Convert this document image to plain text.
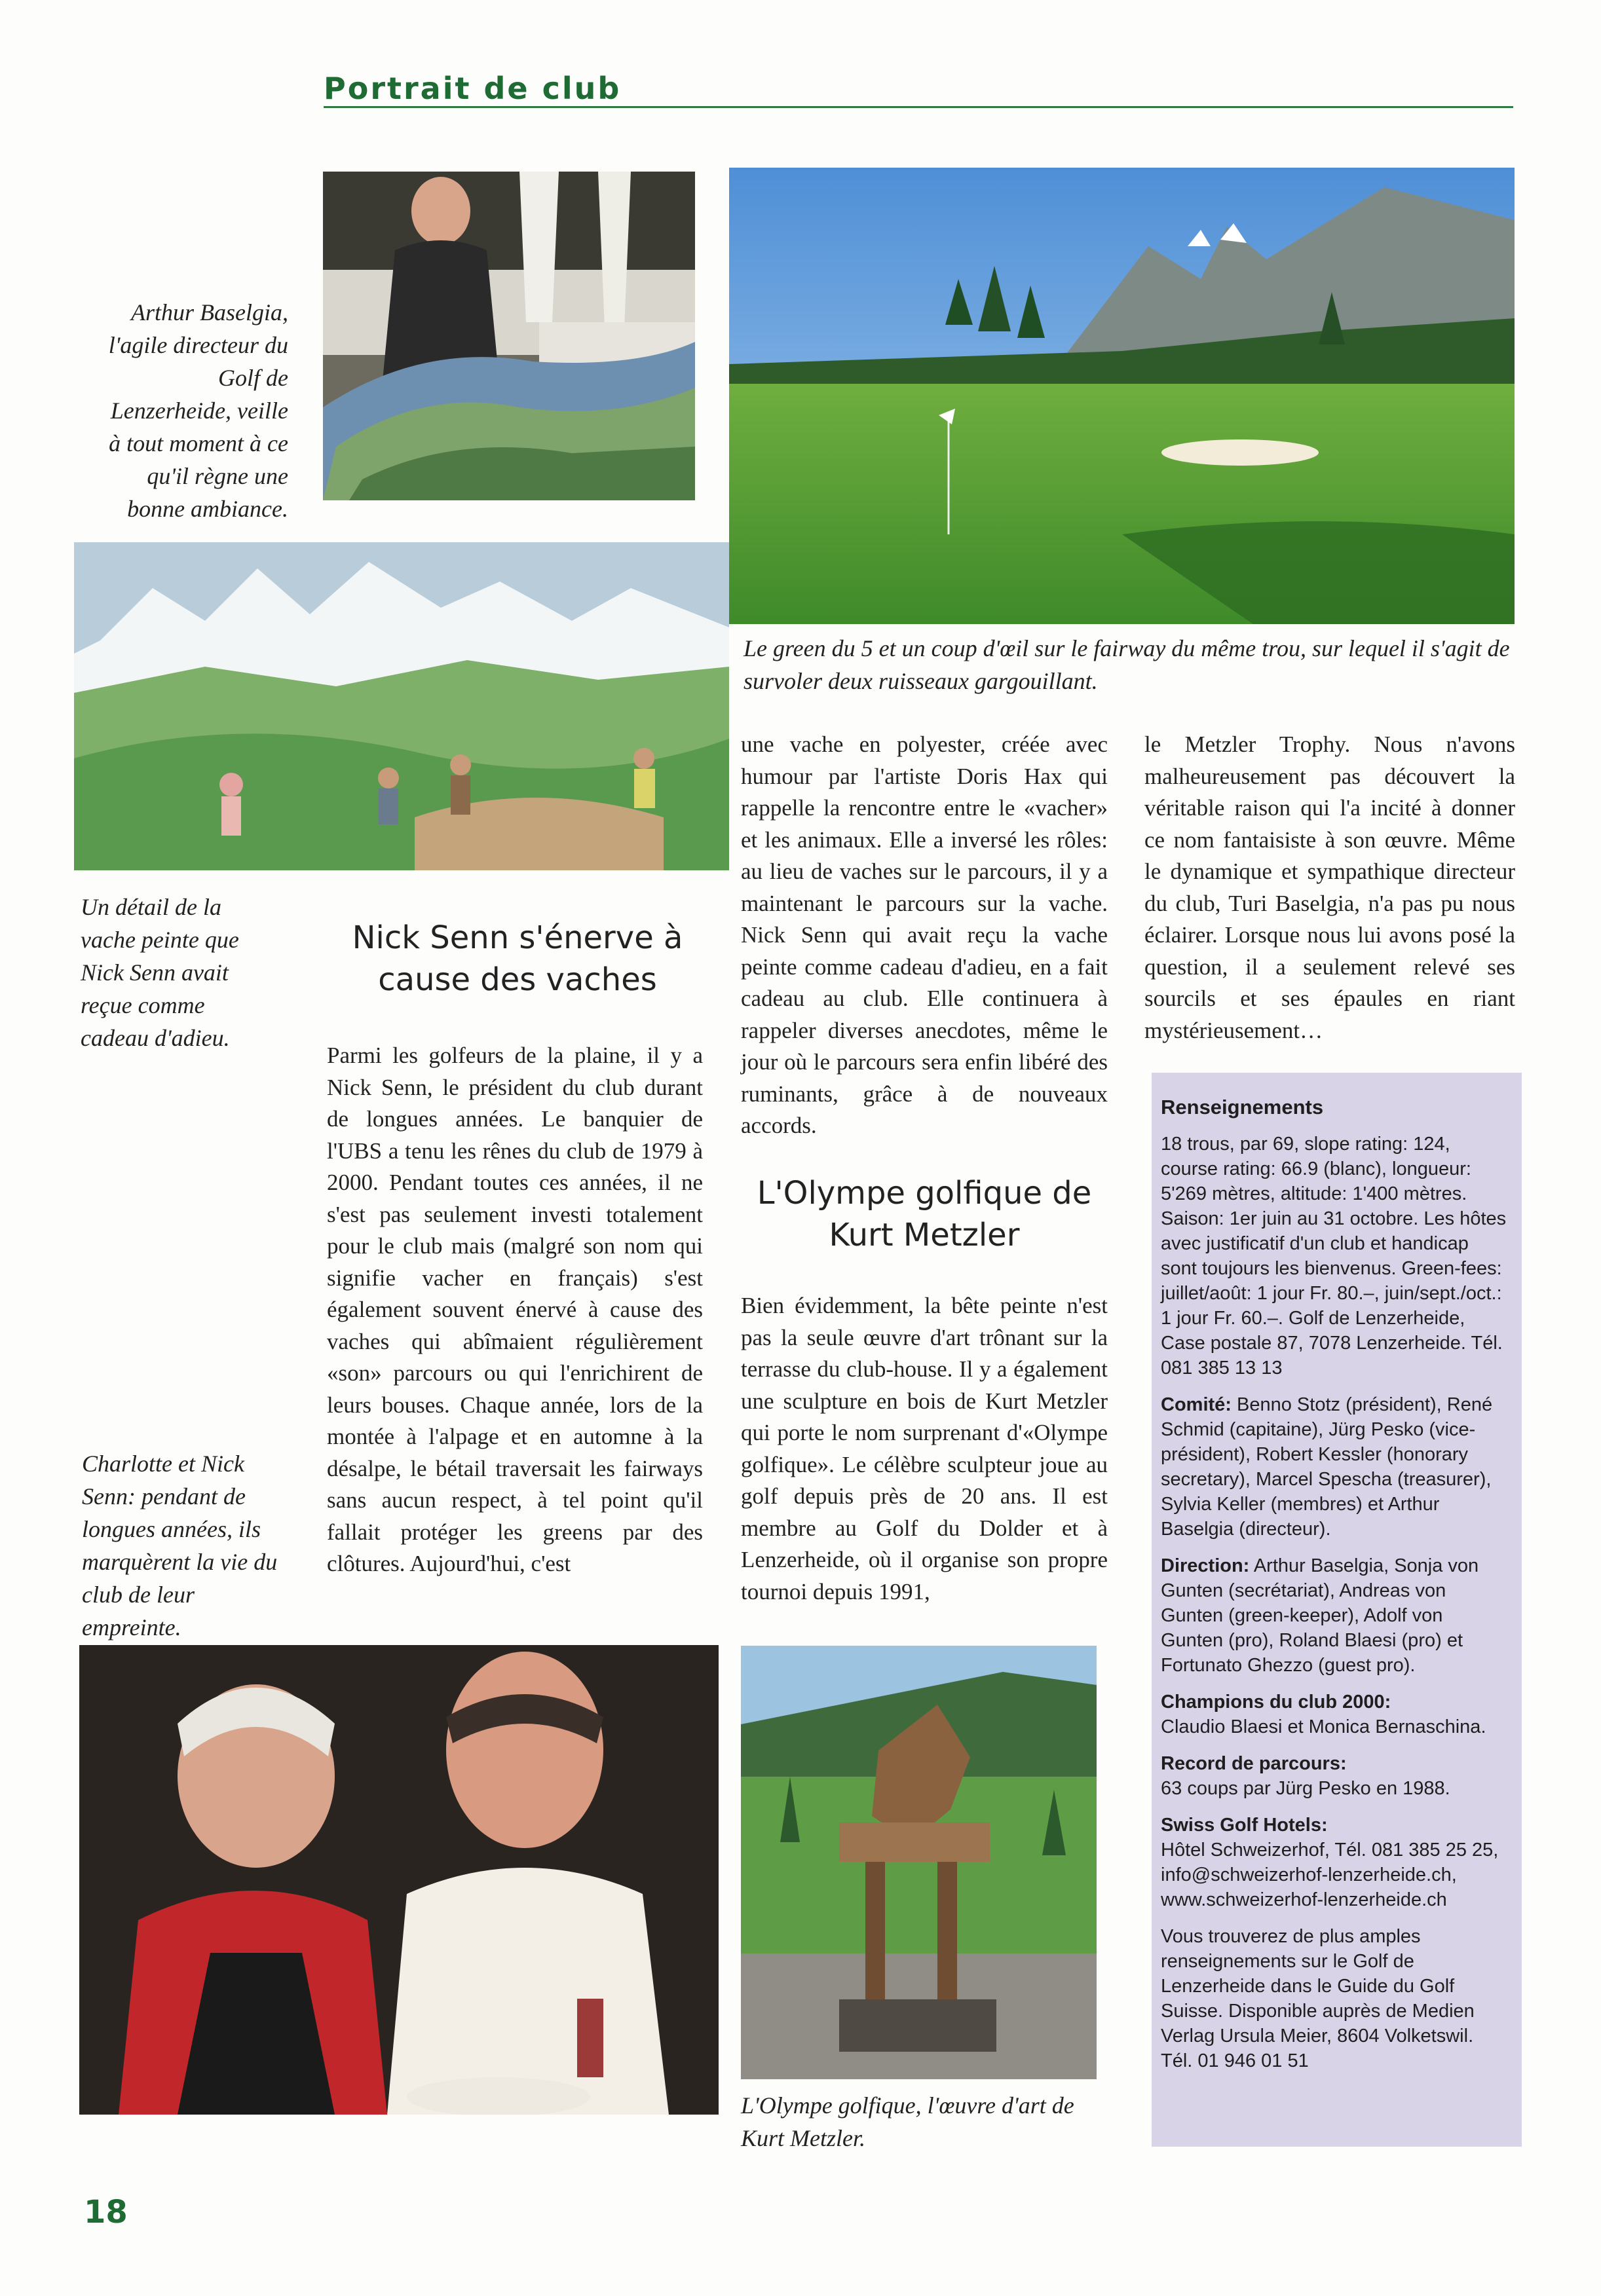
Portrait de club
Arthur Baselgia, l'agile directeur du Golf de Lenzerheide, veille à tout moment à ce qu'il règne une bonne ambiance.
Le green du 5 et un coup d'œil sur le fairway du même trou, sur lequel il s'agit de survoler deux ruisseaux gargouillant.
Un détail de la vache peinte que Nick Senn avait reçue comme cadeau d'adieu.
Charlotte et Nick Senn: pendant de longues années, ils marquèrent la vie du club de leur empreinte.
L'Olympe golfique, l'œuvre d'art de Kurt Metzler.
Nick Senn s'énerve à cause des vaches

Parmi les golfeurs de la plaine, il y a Nick Senn, le président du club durant de longues années. Le banquier de l'UBS a tenu les rênes du club de 1979 à 2000. Pendant toutes ces années, il ne s'est pas seulement investi totalement pour le club mais (malgré son nom qui signifie vacher en français) s'est également souvent énervé à cause des vaches qui abîmaient régulièrement «son» parcours ou qui l'enrichirent de leurs bouses. Chaque année, lors de la montée à l'alpage et en automne à la désalpe, le bétail traversait les fairways sans aucun respect, à tel point qu'il fallait protéger les greens par des clôtures. Aujourd'hui, c'est

une vache en polyester, créée avec humour par l'artiste Doris Hax qui rappelle la rencontre entre le «vacher» et les animaux. Elle a inversé les rôles: au lieu de vaches sur le parcours, il y a maintenant le parcours sur la vache. Nick Senn qui avait reçu la vache peinte comme cadeau d'adieu, en a fait cadeau au club. Elle continuera à rappeler diverses anecdotes, même le jour où le parcours sera enfin libéré des ruminants, grâce à de nouveaux accords.

L'Olympe golfique de Kurt Metzler

Bien évidemment, la bête peinte n'est pas la seule œuvre d'art trônant sur la terrasse du club-house. Il y a également une sculpture en bois de Kurt Metzler qui porte le nom surprenant d'«Olympe golfique». Le célèbre sculpteur joue au golf depuis près de 20 ans. Il est membre au Golf du Dolder et à Lenzerheide, où il organise son propre tournoi depuis 1991,

le Metzler Trophy. Nous n'avons malheureusement pas découvert la véritable raison qui l'a incité à donner ce nom fantaisiste à son œuvre. Même le dynamique et sympathique directeur du club, Turi Baselgia, n'a pas pu nous éclairer. Lorsque nous lui avons posé la question, il a seulement relevé ses sourcils et ses épaules en riant mystérieusement…

Renseignements
18 trous, par 69, slope rating: 124, course rating: 66.9 (blanc), longueur: 5'269 mètres, altitude: 1'400 mètres. Saison: 1er juin au 31 octobre. Les hôtes avec justificatif d'un club et handicap sont toujours les bienvenus. Green-fees: juillet/août: 1 jour Fr. 80.–, juin/sept./oct.: 1 jour Fr. 60.–. Golf de Lenzerheide, Case postale 87, 7078 Lenzerheide. Tél. 081 385 13 13
Comité: Benno Stotz (président), René Schmid (capitaine), Jürg Pesko (vice-président), Robert Kessler (honorary secretary), Marcel Spescha (treasurer), Sylvia Keller (membres) et Arthur Baselgia (directeur).
Direction: Arthur Baselgia, Sonja von Gunten (secrétariat), Andreas von Gunten (green-keeper), Adolf von Gunten (pro), Roland Blaesi (pro) et Fortunato Ghezzo (guest pro).
Champions du club 2000:
Claudio Blaesi et Monica Bernaschina.
Record de parcours:
63 coups par Jürg Pesko en 1988.
Swiss Golf Hotels:
Hôtel Schweizerhof, Tél. 081 385 25 25, info@schweizerhof-lenzerheide.ch, www.schweizerhof-lenzerheide.ch
Vous trouverez de plus amples renseignements sur le Golf de Lenzerheide dans le Guide du Golf Suisse. Disponible auprès de Medien Verlag Ursula Meier, 8604 Volketswil. Tél. 01 946 01 51
18
